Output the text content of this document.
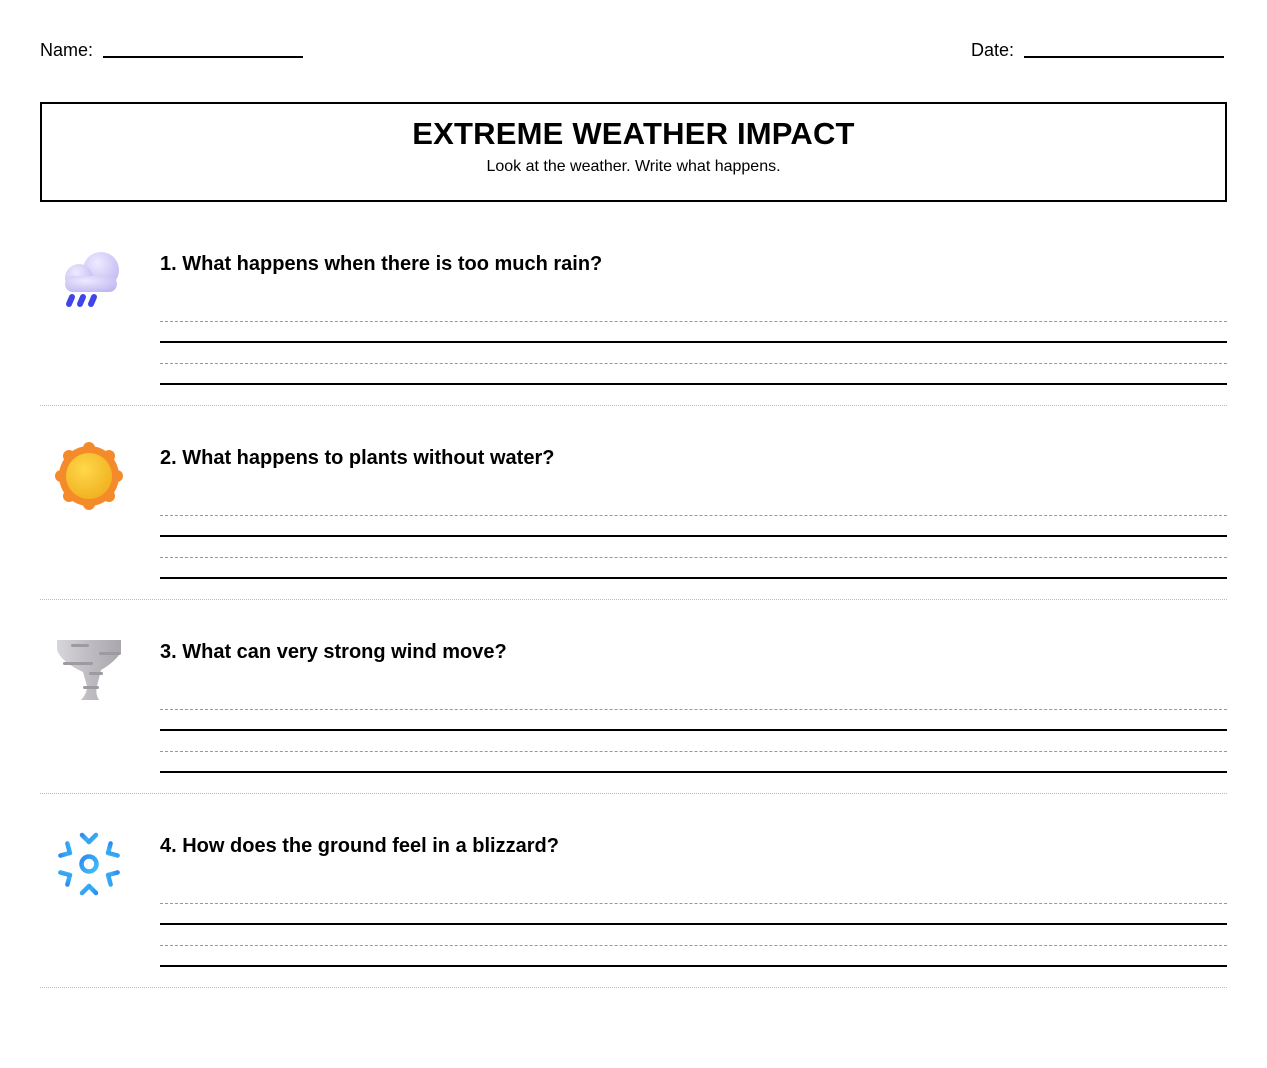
Name:	Date:
EXTREME WEATHER IMPACT

Look at the weather. Write what happens.

1. What happens when there is too much rain?
2. What happens to plants without water?
3. What can very strong wind move?
4. How does the ground feel in a blizzard?
